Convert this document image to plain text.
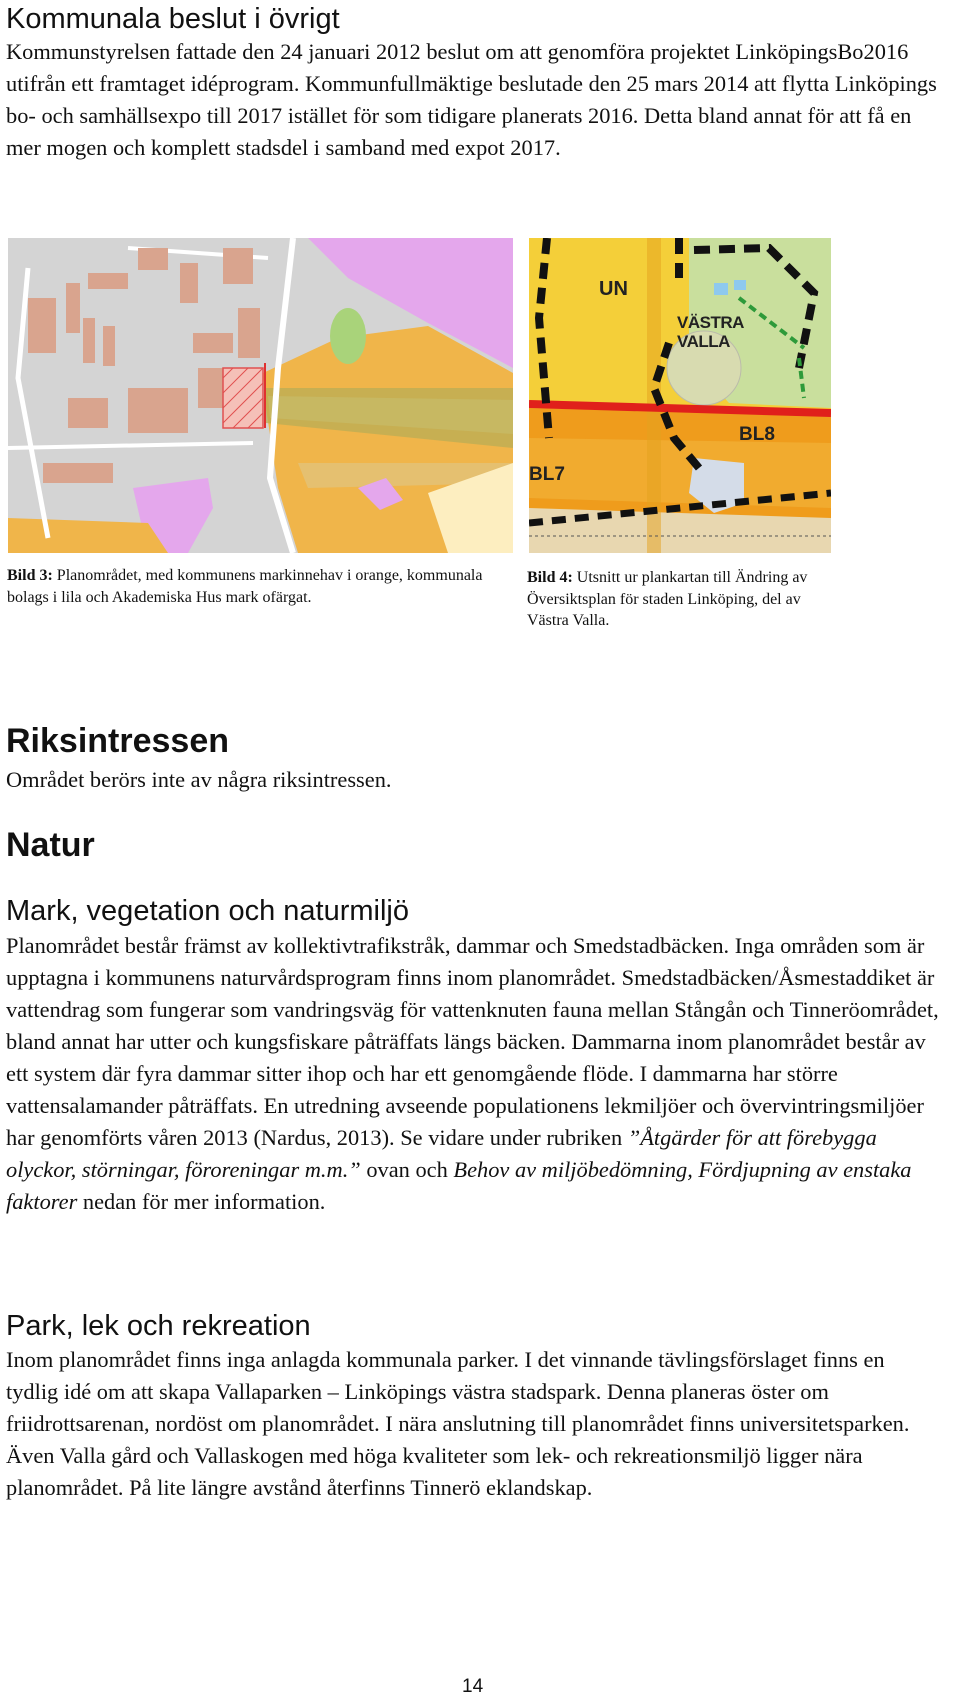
Kommunala beslut i övrigt

Kommunstyrelsen fattade den 24 januari 2012 beslut om att genomföra projektet LinköpingsBo2016 utifrån ett framtaget idéprogram. Kommunfullmäktige beslutade den 25 mars 2014 att flytta Linköpings bo- och samhällsexpo till 2017 istället för som tidigare planerats 2016. Detta bland annat för att få en mer mogen och komplett stadsdel i samband med expot 2017.

UN
VÄSTRA
VALLA
BL8
BL7

Bild 3: Planområdet, med kommunens markinnehav i orange, kommunala bolags i lila och Akademiska Hus mark ofärgat.

Bild 4: Utsnitt ur plankartan till Ändring av Översiktsplan för staden Linköping, del av Västra Valla.

Riksintressen

Området berörs inte av några riksintressen.

Natur
Mark, vegetation och naturmiljö

Planområdet består främst av kollektivtrafikstråk, dammar och Smedstadbäcken. Inga områden som är upptagna i kommunens naturvårdsprogram finns inom planområdet. Smedstadbäcken/Åsmestaddiket är vattendrag som fungerar som vandringsväg för vattenknuten fauna mellan Stångån och Tinneröområdet, bland annat har utter och kungsfiskare påträffats längs bäcken. Dammarna inom planområdet består av ett system där fyra dammar sitter ihop och har ett genomgående flöde. I dammarna har större vattensalamander påträffats. En utredning avseende populationens lekmiljöer och övervintringsmiljöer har genomförts våren 2013 (Nardus, 2013). Se vidare under rubriken ”Åtgärder för att förebygga olyckor, störningar, föroreningar m.m.” ovan och Behov av miljöbedömning, Fördjupning av enstaka faktorer nedan för mer information.

Park, lek och rekreation

Inom planområdet finns inga anlagda kommunala parker. I det vinnande tävlingsförslaget finns en tydlig idé om att skapa Vallaparken – Linköpings västra stadspark. Denna planeras öster om friidrottsarenan, nordöst om planområdet. I nära anslutning till planområdet finns universitetsparken. Även Valla gård och Vallaskogen med höga kvaliteter som lek- och rekreationsmiljö ligger nära planområdet. På lite längre avstånd återfinns Tinnerö eklandskap.

14
